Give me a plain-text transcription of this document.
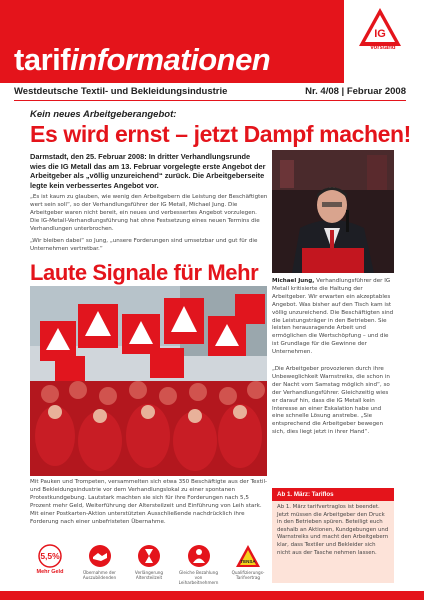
tarifinformationen
IG
Vorstand
Westdeutsche Textil- und Bekleidungsindustrie	Nr. 4/08 | Februar 2008
Kein neues Arbeitgeberangebot:
Es wird ernst – jetzt Dampf machen!
Darmstadt, den 25. Februar 2008: In dritter Verhandlungsrunde wies die IG Metall das am 13. Februar vorgelegte erste Angebot der Arbeitgeber als „völlig unzureichend“ zurück. Die Arbeitgeberseite legte kein verbessertes Angebot vor.
„Es ist kaum zu glauben, wie wenig den Arbeitgebern die Leistung der Beschäftigten wert sein soll“, so der Verhandlungsführer der IG Metall, Michael Jung. Die Arbeitgeber waren nicht bereit, ein neues und verbessertes Angebot vorzulegen. Die IG-Metall-Verhandlungsführung hat ohne Festsetzung eines neuen Termins die Verhandlungen unterbrochen.
„Wir bleiben dabei“ so Jung, „unsere Forderungen sind umsetzbar und gut für die Unternehmen vertretbar.“
Laute Signale für Mehr Michael Jung, Verhandlungsführer der IG Metall kritisierte die Haltung der Arbeitgeber. Wir erwarten ein akzeptables Angebot. Was bisher auf den Tisch kam ist völlig unzureichend. Die Beschäftigten sind die Leistungsträger in den Betrieben. Sie leisten herausragende Arbeit und ermöglichen die Wertschöpfung – und die ist Grundlage für die Gewinne der Unternehmen.
„Die Arbeitgeber provozieren durch ihre Unbeweglichkeit Warnstreiks, die schon in der Nacht vom Samstag möglich sind“, so der Verhandlungsführer. Gleichzeitig wies er darauf hin, dass die IG Metall kein Interesse an einer Eskalation habe und eine schnelle Lösung anstrebe. „Sie entsprechend die Arbeitgeber bewegen sich, dies liegt jetzt in ihrer Hand“.
Mit Pauken und Trompeten, versammelten sich etwa 350 Beschäftigte aus der Textil- und Bekleidungsindustrie vor dem Verhandlungslokal zu einer spontanen Protestkundgebung. Lautstark machten sie sich für ihre Forderungen nach 5,5 Prozent mehr Geld, Weiterführung der Altersteilzeit und Einführung von Leih stark. Mit einer Postkarten-Aktion unterstützten Ausschließende nachdrücklich ihre Forderung nach einer unbefristeten Übernahme.
Ab 1. März: Tariflos
Ab 1. März tarifvertraglos ist beendet. Jetzt müssen die Arbeitgeber den Druck in den Betrieben spüren. Beteiligt euch deshalb an Aktionen, Kundgebungen und Warnstreiks und macht den Arbeitgebern klar, dass Textiler und Bekleider sich nicht aus der Tasche nehmen lassen.
5,5%
Mehr Geld	Übernahme der Auszubildenden
Verlängerung Altersteilzeit
Gleiche Bezahlung von Leiharbeitnehmern
TENSA
Qualifizierungs-Tarifvertrag
